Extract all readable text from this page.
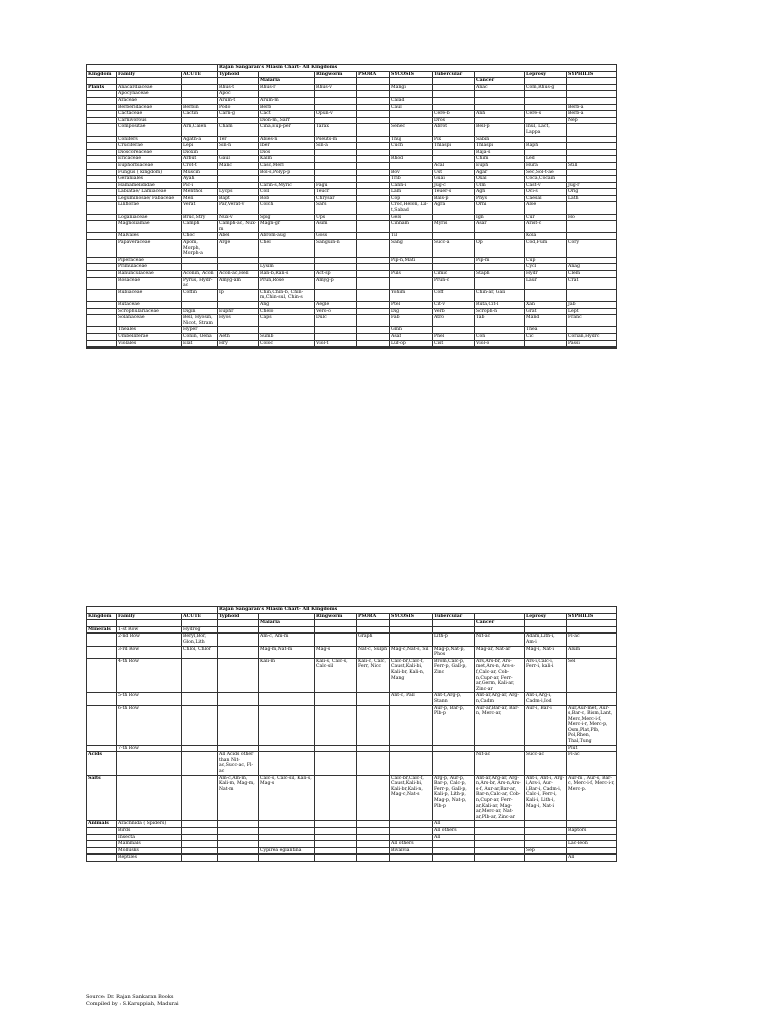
			Rajan Sangaran's Miasm Chart- All Kingdoms								
Kingdom	Family	ACUTE	Typhoid		Ringworm	PSORA	SYCOSIS	Tubercular		Leprosy	SYPHILIS
				Malaria					Cancer		
Plants	Anacardiaceae		Rhus-t	Rhus-r	Rhus-v		Mangi		Anac	Com,Rhus-g	
	Apocynaceae		Apoc								
	Araceae		Arum-t	Arum-m			Calad				
	Berberidaceae	Berbin	Podo	Berb			Caul				Berb-a
	Cactaceae	Cactin	Carn-g	Cact	Opun-v			Cere-b	Anh	Cere-s	Berb-a
	Carnivorous			Dion-m,,Sarr				Dros			Nep
	Compositae	Arn,Calen	Cham	Cina,Eup-per	Tarax		Senec	Abrot	Bell-p	Inul, Lact, Lappa	
	Conifers	Agath-a	Ter	Abies-n	Pseuts-m		Thuj	Pix	Sabin		
	Cruciferae	Lepi	Sin-n	Iber	Sin-a		Cuch	Thlaspi	Thlaspi	Raph	
	Dioscoreaceae	Dioxin		Dios					Raja-s		
	Ericaceae	Arbut	Gaul	Kalm			Rhod		Chim	Led	
	Euphorbiaceae	Crot-t	Manc	Casc,Merl				Acal	Euph	Hura	Still
	Fungus ( kingdom)	Muscin		Bol-s,Polyp-p			Bov	Ust	Agar	Sec,Sol-t-ae	
	Geraniales	Ayah					Trib	Guai	Oxal	Coca,Cocain	
	Hamamelididae	Pic-i		Carin-s,Myric	Fagu		Cann-i	Jug-c	Ulm	Cast-v	Jug-r
	Labiatae/ Lamiaceae	Menthol	Lycps	Coll	Teucr		Lam	Teuer-s	Agn	Oci-s	Orig
	Leguminosae/ Fabaceae	Meli	Bapt	Rob	Chrysar		Cop	Bals-p	Phys	Caesal	Lath
	Liliflorae	Verat	Par,Verat-v	Colch	Sars		Croc,Helon, Lil-t,Sabad	Agra	Orni	Aloe	
	Loganiaceae	Bruc,Stry	Nux-v	Spig	Ups		Gels		Ign	Cur	Ho
	Magnoliamae	Camph	Camph-ac, Nux-m	Magn-gr	Asim		Cinnam	Myris	Asar	Arist-c	
	Malvales	Choc	Abel	Abrom-aug	Goss		Til			Kola	
	Papaveraceae	Apom, Morph, Morph-a	Arge	Chel	Sanguin-n		Sang	Succ-a	Op	Cod,Fum	Cory
	Piperaceae						Pip-n,Mati		Pip-m	Cup	
	Primulaceae			Lysim						Cycl	Anag
	Ranunculaceae	Aconin, Acon	Acon-ac,Hell	Ran-b,Ran-s	Act-sp		Puls	Cimic	Staph	Hydr	Clem
	Rosaceae	Pyrus, Hydr-ac	Amyg-am	Prun,Rose	Amyg-p			Prun-c		Laur	Crat
	Rubiaceae	Coffin	Ip	Chin,Chin-b, Chin-m,Chin-sul, Chin-s			Yohim	Coff	Chin-ar, Gali		
	Rutaceae			Ang	Aegle		Ptel	Cit-v	Ruta,Cit-l	Xan	Jab
	Scrophulariaceae	Digin	Euphr	Chelo	Vero-o		Dig	Verb	Scroph-n	Grat	Lept
	Solanaceae	Bell, Hyosin, Nicot, Stram	Hyos	Caps	Dulc		Fab	Atro	Tab	Mand	Franc
	Theales	Hyper					Gmh			Thea	
	Umbelliferae	Conin, Oena	Aeth	Sumb			Asaf	Phel	Con	Cic	Corian,Hydrc
	Violales	Elat	Hry	Coloc	Viol-t		Luf-op	Cist	Viol-o		Passi

			Rajan Sangaran's Miasm Chart- All Kingdoms								
Kingdom	Family	ACUTE	Typhoid		Ringworm	PSORA	SYCOSIS	Tubercular		Leprosy	SYPHILIS
				Malaria					Cancer		
Minerals	1-st Row	Hydrog									

	2-nd Row	Beryl,Bor, Glon,Lith		Am-c, Am-m		Graph		Lith-p	Nit-ac	Adam,Lith-i, Am-i	Fl-ac
	3-rd Row	Chlol, Chlor		Mag-m,Nat-m	Mag-s	Nat-c, Sulph	Mag-c,Nat-s, Sil	Mag-p,Nat-p, Phos	Mag-ar, Nat-ar	Mag-i, Nat-i	Alum
	4-th Row			Kali-m	Kali-s, Calc-s, Calc-sil	Kali-c, Calc, Ferr, Nicc	Calc-br,Calc-f, Caust,Kali-bi, Kali-br, Kali-n, Mang	Brom,Calc-p, Ferr-p, Gall-p, Zinc	Ars,Ars-br, Ars-met,Ars-n, Ars-s-f,Calc-ar, Cob-n,Cupr-ar, Ferr-ar,Germ, Kali-ar, Zinc-ar	Ars-i,Calc-i, Ferr-i, kali-i	Sel
	5-th Row						Ant-c, Pall	Ant-t,Arg-p, Stann	Ant-ar,Arg-ar, Arg-n,Cadm	Ant-i,Arg-i, Cadm-i,Iod	
	6-th Row							Aur-p, Bar-p, Plb-p	Aur-ar,Bar-ar, Bar-n, Merc-ar,	Aur-i, Bar-i	Aur,Aur-met, Aur-s,Bar-c, Bism,Lant, Merc,Merc-i-f, Merc-i-r, Merc-p, Osm,Plat,Plb, Pol,Rhen, Thal,Tung
	7-th Row										Plut
Acids			All Acids other than Nit-ac,Succ-ac, Fl-ac						Nit-ac	Succ-ac	Fl-ac
Salts			Am-c,Am-m, Kali-m, Mag-m, Nat-m	Calc-s, Calc-sil, Kali-s, Mag-s			Calc-br,Calc-f, Caust,Kali-bi, Kali-br,Kali-n, Mag-c,Nat-s	Arg-p, Aur-p, Bar-p, Calc-p, Ferr-p, Gall-p, Kali-p, Lith-p, Mag-p, Nat-p, Plb-p	Ant-ar,Arg-ar, Arg-n,Ars-br, Ars-n,Ars-s-f, Aur-ar,Bar-ar, Bar-n,Calc-ar, Cob-n,Cupr-ar, Ferr-ar,Kali-ar, Mag-ar,Merc-ar, Nat-ar,Plb-ar, Zinc-ar	Ant-i, Ant-i, Arg-i,Ars-i, Aur-i,Bar-i, Cadm-i, Calc-i, Ferr-i, Kali-i, Lith-i, Mag-i, Nat-i	Aur-m , Aur-s, Bar-c, Merc-i-f, Merc-i-r, Merc-p.
Animals	Arachnida ( Spiders)							All			
	Birds							All others			Raptors
	Insecta							All			
	Mammals						All others				Lac-leon
	Mollusks			Cypirea eglantina			Bivalvia			Sep	

	Reptiles										All
Source: Dr. Rajan Sankaran Books
Compiled by : S.Karuppiah, Madurai
